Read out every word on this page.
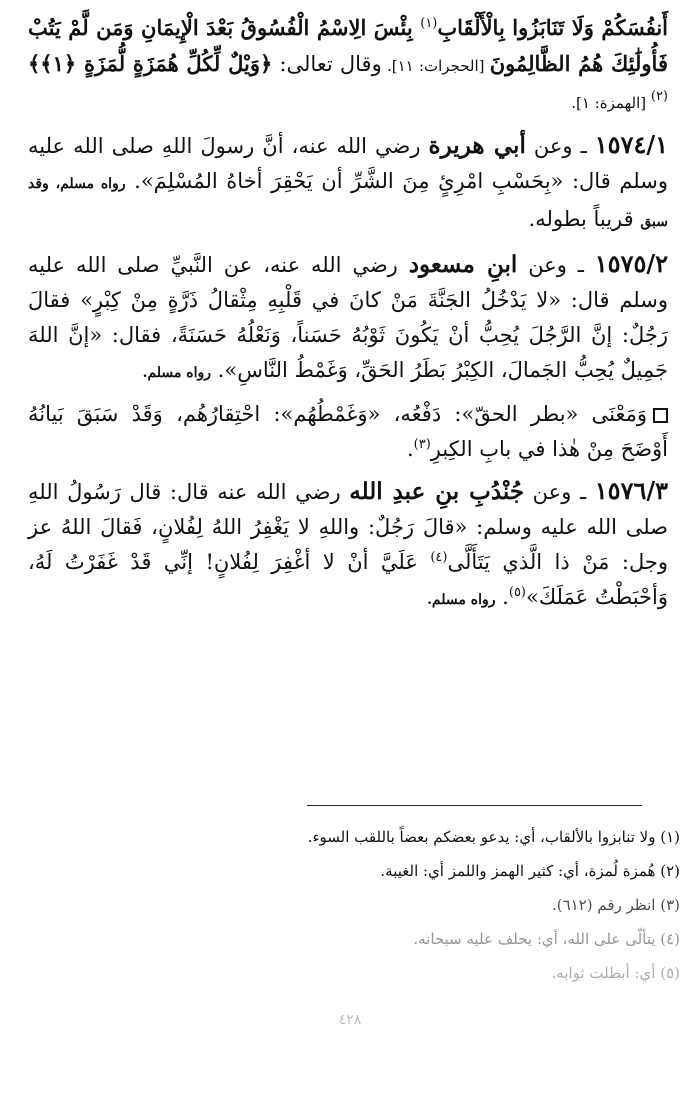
أَنفُسَكُمْ وَلَا تَنَابَزُوا بِالْأَلْقَابِ$^{(١)}$ بِئْسَ الِاسْمُ الْفُسُوقُ بَعْدَ الْإِيمَانِ وَمَن لَّمْ يَتُبْ فَأُولَٰئِكَ هُمُ الظَّالِمُونَ [الحجرات: ١١]. وقال تعالى: ﴿وَيْلٌ لِّكُلِّ هُمَزَةٍ لُّمَزَةٍ ﴿١﴾﴾$^{(٢)}$ [الهمزة: ١].

١٥٧٤/١ ـ وعن أبي هريرة رضي الله عنه، أنَّ رسولَ اللهِ صلى الله عليه وسلم قال: «بِحَسْبِ امْرِئٍ مِنَ الشَّرِّ أن يَحْقِرَ أخاهُ المُسْلِمَ». رواه مسلم، وقد سبق قريباً بطوله.

١٥٧٥/٢ ـ وعن ابنِ مسعود رضي الله عنه، عن النَّبيِّ صلى الله عليه وسلم قال: «لا يَدْخُلُ الجَنَّةَ مَنْ كانَ في قَلْبِهِ مِثْقالُ ذَرَّةٍ مِنْ كِبْرٍ» فقالَ رَجُلٌ: إنَّ الرَّجُلَ يُحِبُّ أنْ يَكُونَ ثَوْبُهُ حَسَناً، وَنَعْلُهُ حَسَنَةً، فقال: «إنَّ اللهَ جَمِيلٌ يُحِبُّ الجَمالَ، الكِبْرُ بَطَرُ الحَقِّ، وَغَمْطُ النَّاسِ». رواه مسلم.

وَمَعْنَى «بطر الحقّ»: دَفْعُه، «وَغَمْطُهُم»: احْتِقارُهُم، وَقَدْ سَبَقَ بَيانُهُ أَوْضَحَ مِنْ هٰذا في بابِ الكِبرِ$^{(٣)}$.

١٥٧٦/٣ ـ وعن جُنْدُبِ بنِ عبدِ الله رضي الله عنه قال: قال رَسُولُ اللهِ صلى الله عليه وسلم: «قالَ رَجُلٌ: واللهِ لا يَغْفِرُ اللهُ لِفُلانٍ، فَقالَ اللهُ عز وجل: مَنْ ذا الَّذي يَتَأَلَّى$^{(٤)}$ عَلَيَّ أنْ لا أغْفِرَ لِفُلانٍ! إنِّي قَدْ غَفَرْتُ لَهُ، وَأحْبَطْتُ عَمَلَكَ»$^{(٥)}$. رواه مسلم.

(١) ولا تنابزوا بالألقاب، أي: يدعو بعضكم بعضاً باللقب السوء.
(٢) هُمزة لُمزة، أي: كثير الهمز واللمز أي: الغيبة.
(٣) انظر رقم (٦١٢).
(٤) يتألّى على الله، أي: يحلف عليه سبحانه.
(٥) أي: أبطلت ثوابه.
٤٢٨
